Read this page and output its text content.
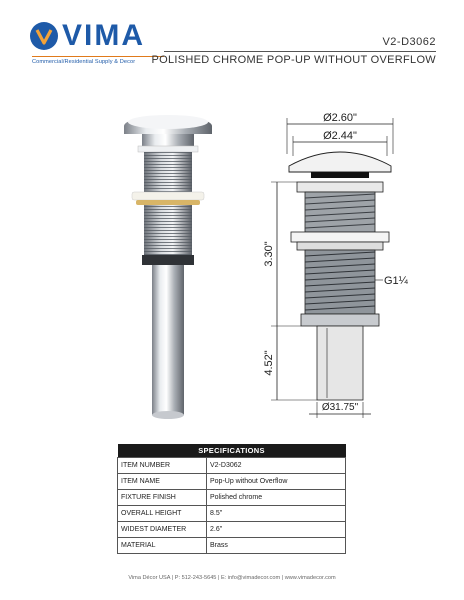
VIMA
Commercial/Residential Supply & Decor
V2-D3062
POLISHED CHROME POP-UP WITHOUT OVERFLOW
Ø2.60"
Ø2.44"
3.30"
4.52"
G1¼
Ø31.75"
SPECIFICATIONS	
ITEM NUMBER	V2-D3062
ITEM NAME	Pop-Up without Overflow
FIXTURE FINISH	Polished chrome
OVERALL HEIGHT	8.5"
WIDEST DIAMETER	2.6"
MATERIAL	Brass
Vima Décor USA | P: 512-243-5645 | E: info@vimadecor.com | www.vimadecor.com
